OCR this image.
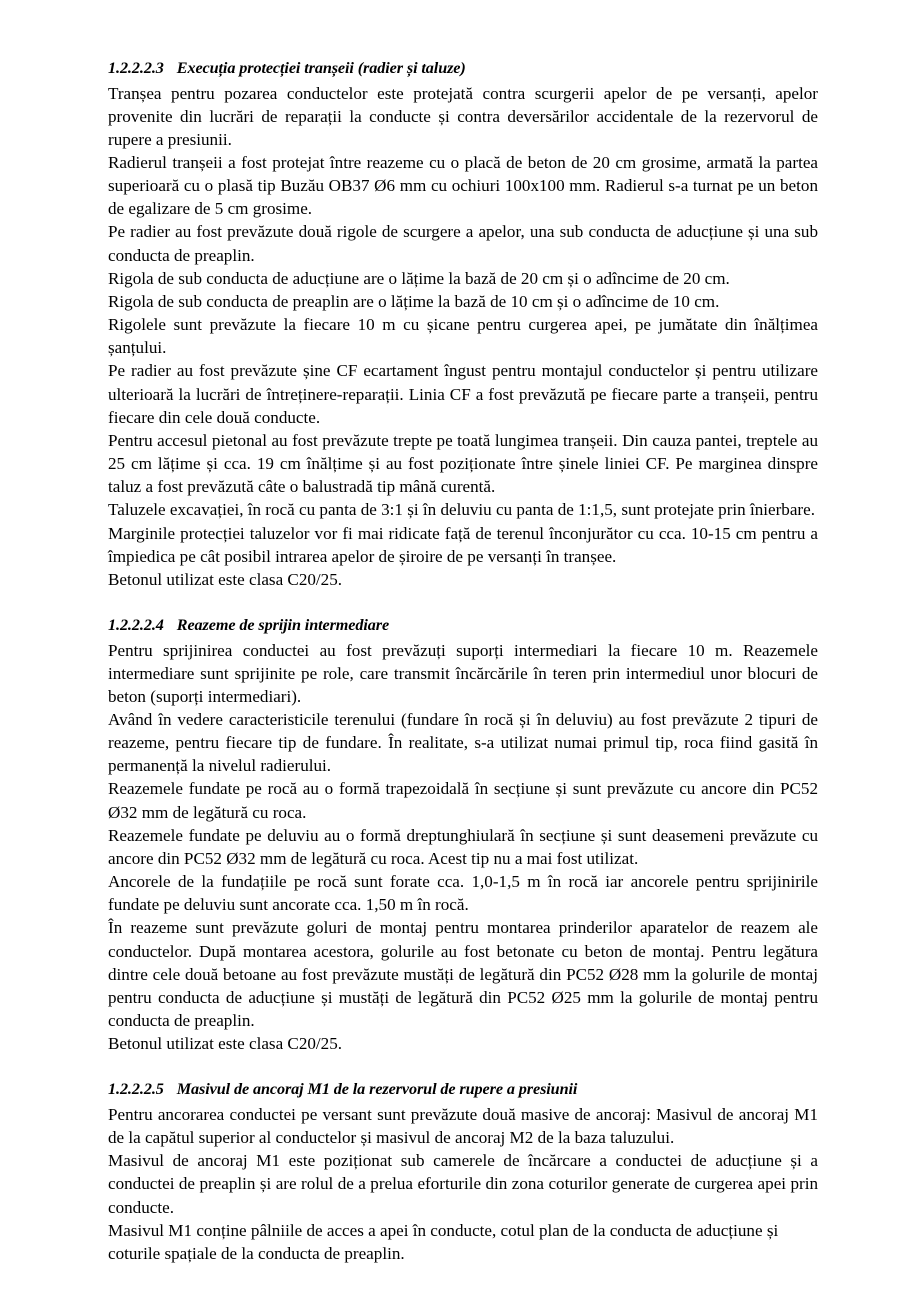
1.2.2.2.3 Execuția protecției tranșeii (radier și taluze)

Tranșea pentru pozarea conductelor este protejată contra scurgerii apelor de pe versanți, apelor provenite din lucrări de reparații la conducte și contra deversărilor accidentale de la rezervorul de rupere a presiunii.

Radierul tranșeii a fost protejat între reazeme cu o placă de beton de 20 cm grosime, armată la partea superioară cu o plasă tip Buzău OB37 Ø6 mm cu ochiuri 100x100 mm. Radierul s-a turnat pe un beton de egalizare de 5 cm grosime.

Pe radier au fost prevăzute două rigole de scurgere a apelor, una sub conducta de aducțiune și una sub conducta de preaplin.

Rigola de sub conducta de aducțiune are o lățime la bază de 20 cm și o adîncime de 20 cm.

Rigola de sub conducta de preaplin are o lățime la bază de 10 cm și o adîncime de 10 cm.

Rigolele sunt prevăzute la fiecare 10 m cu șicane pentru curgerea apei, pe jumătate din înălțimea șanțului.

Pe radier au fost prevăzute șine CF ecartament îngust pentru montajul conductelor și pentru utilizare ulterioară la lucrări de întreținere-reparații. Linia CF a fost prevăzută pe fiecare parte a tranșeii, pentru fiecare din cele două conducte.

Pentru accesul pietonal au fost prevăzute trepte pe toată lungimea tranșeii. Din cauza pantei, treptele au 25 cm lățime și cca. 19 cm înălțime și au fost poziționate între șinele liniei CF. Pe marginea dinspre taluz a fost prevăzută câte o balustradă tip mână curentă.

Taluzele excavației, în rocă cu panta de 3:1 și în deluviu cu panta de 1:1,5, sunt protejate prin înierbare.

Marginile protecției taluzelor vor fi mai ridicate față de terenul înconjurător cu cca. 10-15 cm pentru a împiedica pe cât posibil intrarea apelor de șiroire de pe versanți în tranșee.

Betonul utilizat este clasa C20/25.

1.2.2.2.4 Reazeme de sprijin intermediare

Pentru sprijinirea conductei au fost prevăzuți suporți intermediari la fiecare 10 m. Reazemele intermediare sunt sprijinite pe role, care transmit încărcările în teren prin intermediul unor blocuri de beton (suporți intermediari).

Având în vedere caracteristicile terenului (fundare în rocă și în deluviu) au fost prevăzute 2 tipuri de reazeme, pentru fiecare tip de fundare. În realitate, s-a utilizat numai primul tip, roca fiind gasită în permanență la nivelul radierului.

Reazemele fundate pe rocă au o formă trapezoidală în secțiune și sunt prevăzute cu ancore din PC52 Ø32 mm de legătură cu roca.

Reazemele fundate pe deluviu au o formă dreptunghiulară în secțiune și sunt deasemeni prevăzute cu ancore din PC52 Ø32 mm de legătură cu roca. Acest tip nu a mai fost utilizat.

Ancorele de la fundațiile pe rocă sunt forate cca. 1,0-1,5 m în rocă iar ancorele pentru sprijinirile fundate pe deluviu sunt ancorate cca. 1,50 m în rocă.

În reazeme sunt prevăzute goluri de montaj pentru montarea prinderilor aparatelor de reazem ale conductelor. După montarea acestora, golurile au fost betonate cu beton de montaj. Pentru legătura dintre cele două betoane au fost prevăzute mustăți de legătură din PC52 Ø28 mm la golurile de montaj pentru conducta de aducțiune și mustăți de legătură din PC52 Ø25 mm la golurile de montaj pentru conducta de preaplin.

Betonul utilizat este clasa C20/25.

1.2.2.2.5 Masivul de ancoraj M1 de la rezervorul de rupere a presiunii

Pentru ancorarea conductei pe versant sunt prevăzute două masive de ancoraj: Masivul de ancoraj M1 de la capătul superior al conductelor și masivul de ancoraj M2 de la baza taluzului.

Masivul de ancoraj M1 este poziționat sub camerele de încărcare a conductei de aducțiune și a conductei de preaplin și are rolul de a prelua eforturile din zona coturilor generate de curgerea apei prin conducte.

Masivul M1 conține pâlniile de acces a apei în conducte, cotul plan de la conducta de aducțiune și coturile spațiale de la conducta de preaplin.
